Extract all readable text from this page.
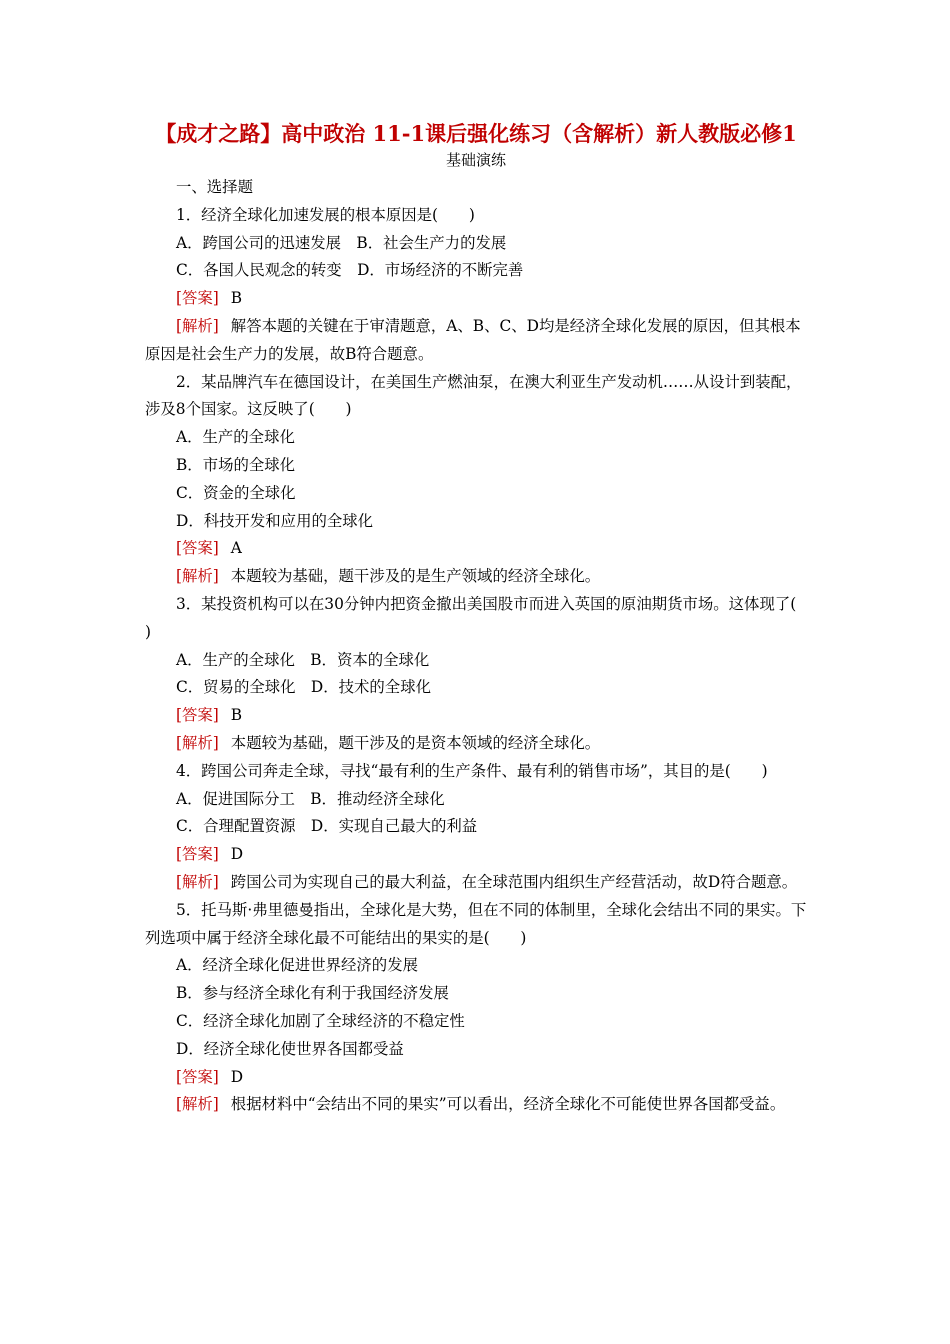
【成才之路】高中政治 11-1课后强化练习（含解析）新人教版必修1

基础演练

一、选择题

1．经济全球化加速发展的根本原因是(　　)

A．跨国公司的迅速发展　B．社会生产力的发展

C．各国人民观念的转变　D．市场经济的不断完善

[答案] B

[解析] 解答本题的关键在于审清题意，A、B、C、D均是经济全球化发展的原因，但其根本原因是社会生产力的发展，故B符合题意。

2．某品牌汽车在德国设计，在美国生产燃油泵，在澳大利亚生产发动机……从设计到装配，涉及8个国家。这反映了(　　)

A．生产的全球化

B．市场的全球化

C．资金的全球化

D．科技开发和应用的全球化

[答案] A

[解析] 本题较为基础，题干涉及的是生产领域的经济全球化。

3．某投资机构可以在30分钟内把资金撤出美国股市而进入英国的原油期货市场。这体现了(　　)

A．生产的全球化　B．资本的全球化

C．贸易的全球化　D．技术的全球化

[答案] B

[解析] 本题较为基础，题干涉及的是资本领域的经济全球化。

4．跨国公司奔走全球，寻找“最有利的生产条件、最有利的销售市场”，其目的是(　　)

A．促进国际分工　B．推动经济全球化

C．合理配置资源　D．实现自己最大的利益

[答案] D

[解析] 跨国公司为实现自己的最大利益，在全球范围内组织生产经营活动，故D符合题意。

5．托马斯·弗里德曼指出，全球化是大势，但在不同的体制里，全球化会结出不同的果实。下列选项中属于经济全球化最不可能结出的果实的是(　　)

A．经济全球化促进世界经济的发展

B．参与经济全球化有利于我国经济发展

C．经济全球化加剧了全球经济的不稳定性

D．经济全球化使世界各国都受益

[答案] D

[解析] 根据材料中“会结出不同的果实”可以看出，经济全球化不可能使世界各国都受益。
